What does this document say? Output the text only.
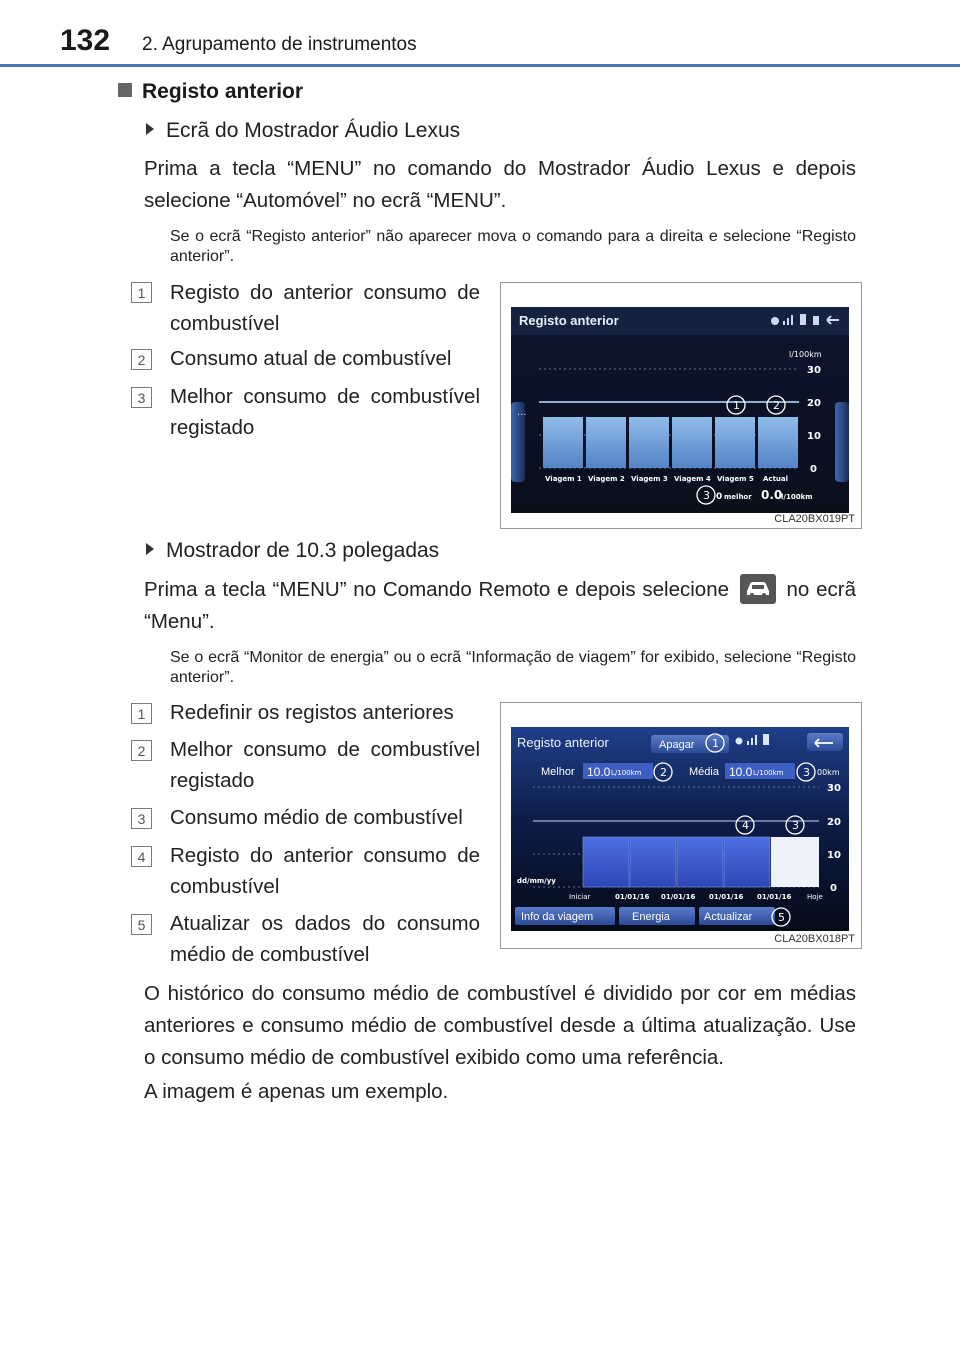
132 2. Agrupamento de instrumentos
Registo anterior
Ecrã do Mostrador Áudio Lexus
Prima a tecla “MENU” no comando do Mostrador Áudio Lexus e depois selecione “Automóvel” no ecrã “MENU”.
Se o ecrã “Registo anterior” não aparecer mova o comando para a direita e selecione “Registo anterior”.
1	Registo do anterior consumo de combustível
2	Consumo atual de combustível
3	Melhor consumo de combustível registado
...
Registo anterior
l/100km
30
20
10
0
Viagem 1 Viagem 2 Viagem 3 Viagem 4 Viagem 5 Actual
0 melhor 0.0
l/100km
1	2
3
CLA20BX019PT
Mostrador de 10.3 polegadas
Prima a tecla “MENU” no Comando Remoto e depois selecione	no ecrã “Menu”.
Se o ecrã “Monitor de energia” ou o ecrã “Informação de viagem” for exibido, selecione “Registo anterior”.
1	Redefinir os registos anteriores
2	Melhor consumo de combustível registado
3	Consumo médio de combustível
4	Registo do anterior consumo de combustível
5	Atualizar os dados do consumo médio de combustível
Registo anterior	Apagar
Melhor 10.0 L/100km	Média 10.0 L/100km	00km
30
20
10
0
dd/mm/yy
Iniciar	01/01/16 01/01/16 01/01/16 01/01/16 Hoje
Info da viagem	Energia	Actualizar
1
2	3
3
4
5
CLA20BX018PT
O histórico do consumo médio de combustível é dividido por cor em médias anteriores e consumo médio de combustível desde a última atualização. Use o consumo médio de combustível exibido como uma referência.
A imagem é apenas um exemplo.
